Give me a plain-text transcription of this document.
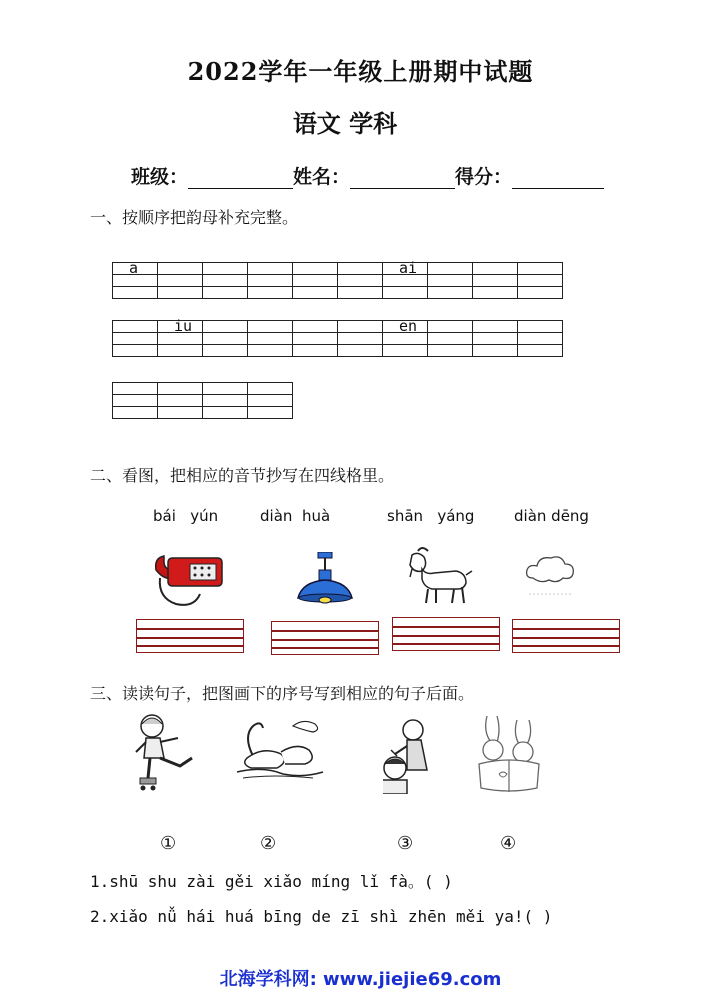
2022学年一年级上册期中试题
语文 学科
班级：	姓名：	得分：
一、按顺序把韵母补充完整。
a						ai			

	iu					en			

二、看图，把相应的音节抄写在四线格里。
bái yún	diàn huà	shān yáng	diàn dēng
三、读读句子，把图画下的序号写到相应的句子后面。
①	②	③	④
1.shū shu zài gěi xiǎo míng lǐ fà。( )
2.xiǎo nǚ hái huá bīng de zī shì zhēn měi ya!( )
北海学科网: www.jiejie69.com
